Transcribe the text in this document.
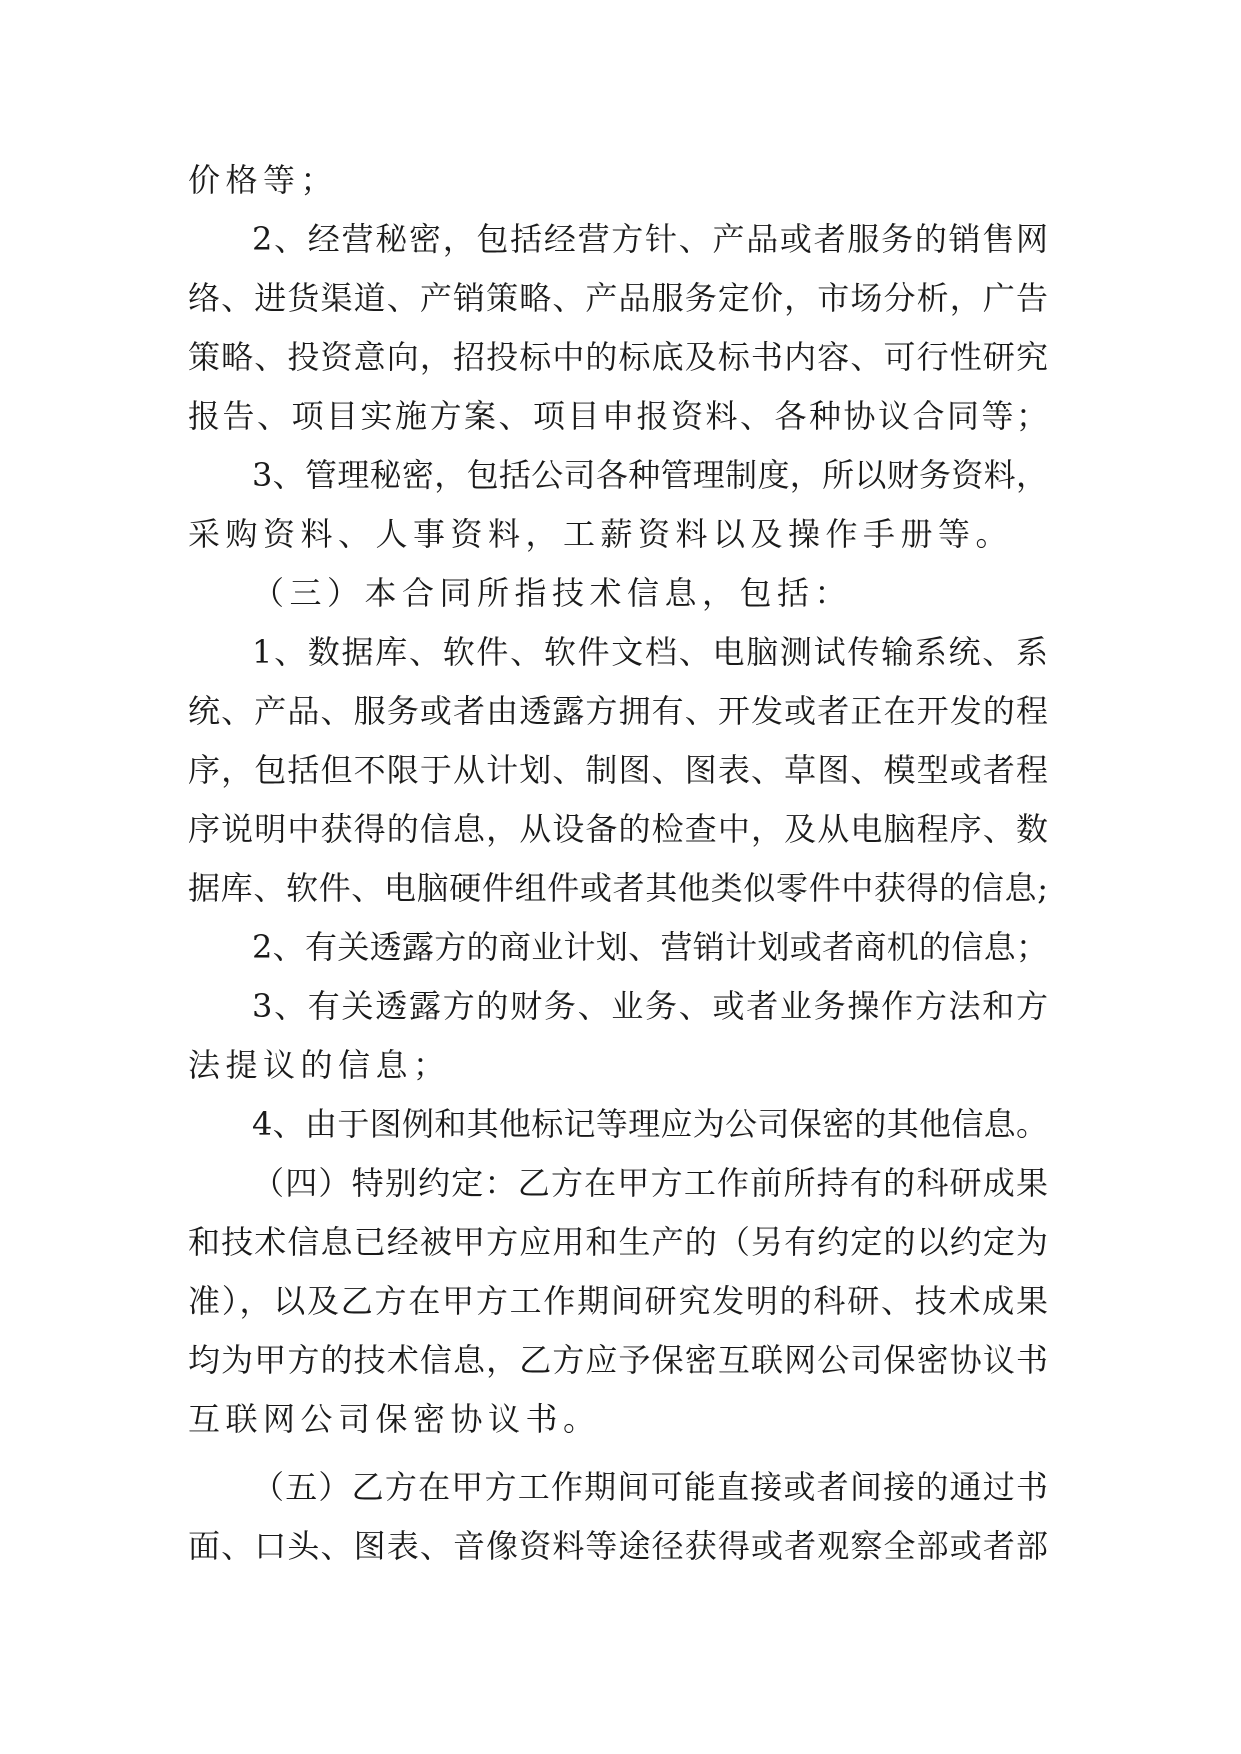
价格等；
2、经营秘密，包括经营方针、产品或者服务的销售网
络、进货渠道、产销策略、产品服务定价，市场分析，广告
策略、投资意向，招投标中的标底及标书内容、可行性研究
报告、项目实施方案、项目申报资料、各种协议合同等；
3、管理秘密，包括公司各种管理制度，所以财务资料，
采购资料、人事资料，工薪资料以及操作手册等。
（三）本合同所指技术信息，包括：
1、数据库、软件、软件文档、电脑测试传输系统、系
统、产品、服务或者由透露方拥有、开发或者正在开发的程
序，包括但不限于从计划、制图、图表、草图、模型或者程
序说明中获得的信息，从设备的检查中，及从电脑程序、数
据库、软件、电脑硬件组件或者其他类似零件中获得的信息;
2、有关透露方的商业计划、营销计划或者商机的信息；
3、有关透露方的财务、业务、或者业务操作方法和方
法提议的信息；
4、由于图例和其他标记等理应为公司保密的其他信息。
（四）特别约定：乙方在甲方工作前所持有的科研成果
和技术信息已经被甲方应用和生产的（另有约定的以约定为
准），以及乙方在甲方工作期间研究发明的科研、技术成果
均为甲方的技术信息，乙方应予保密互联网公司保密协议书
互联网公司保密协议书。
（五）乙方在甲方工作期间可能直接或者间接的通过书
面、口头、图表、音像资料等途径获得或者观察全部或者部
